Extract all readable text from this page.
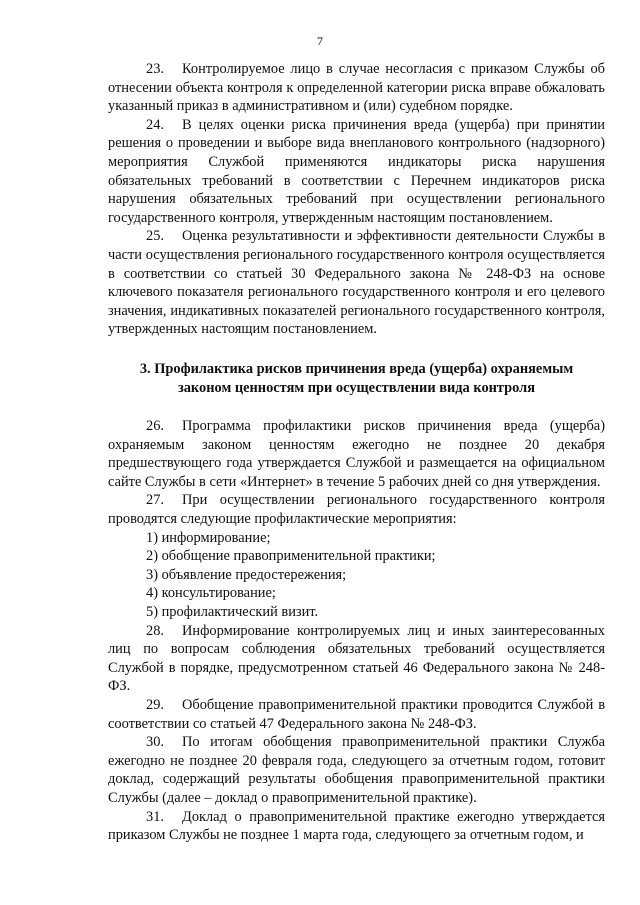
7

23. Контролируемое лицо в случае несогласия с приказом Службы об отнесении объекта контроля к определенной категории риска вправе обжаловать указанный приказ в административном и (или) судебном порядке.

24. В целях оценки риска причинения вреда (ущерба) при принятии решения о проведении и выборе вида внепланового контрольного (надзорного) мероприятия Службой применяются индикаторы риска нарушения обязательных требований в соответствии с Перечнем индикаторов риска нарушения обязательных требований при осуществлении регионального государственного контроля, утвержденным настоящим постановлением.

25. Оценка результативности и эффективности деятельности Службы в части осуществления регионального государственного контроля осуществляется в соответствии со статьей 30 Федерального закона № 248-ФЗ на основе ключевого показателя регионального государственного контроля и его целевого значения, индикативных показателей регионального государственного контроля, утвержденных настоящим постановлением.

3. Профилактика рисков причинения вреда (ущерба) охраняемым
законом ценностям при осуществлении вида контроля

26. Программа профилактики рисков причинения вреда (ущерба) охраняемым законом ценностям ежегодно не позднее 20 декабря предшествующего года утверждается Службой и размещается на официальном сайте Службы в сети «Интернет» в течение 5 рабочих дней со дня утверждения.

27. При осуществлении регионального государственного контроля проводятся следующие профилактические мероприятия:

1) информирование;

2) обобщение правоприменительной практики;

3) объявление предостережения;

4) консультирование;

5) профилактический визит.

28. Информирование контролируемых лиц и иных заинтересованных лиц по вопросам соблюдения обязательных требований осуществляется Службой в порядке, предусмотренном статьей 46 Федерального закона № 248-ФЗ.

29. Обобщение правоприменительной практики проводится Службой в соответствии со статьей 47 Федерального закона № 248-ФЗ.

30. По итогам обобщения правоприменительной практики Служба ежегодно не позднее 20 февраля года, следующего за отчетным годом, готовит доклад, содержащий результаты обобщения правоприменительной практики Службы (далее – доклад о правоприменительной практике).

31. Доклад о правоприменительной практике ежегодно утверждается приказом Службы не позднее 1 марта года, следующего за отчетным годом, и
